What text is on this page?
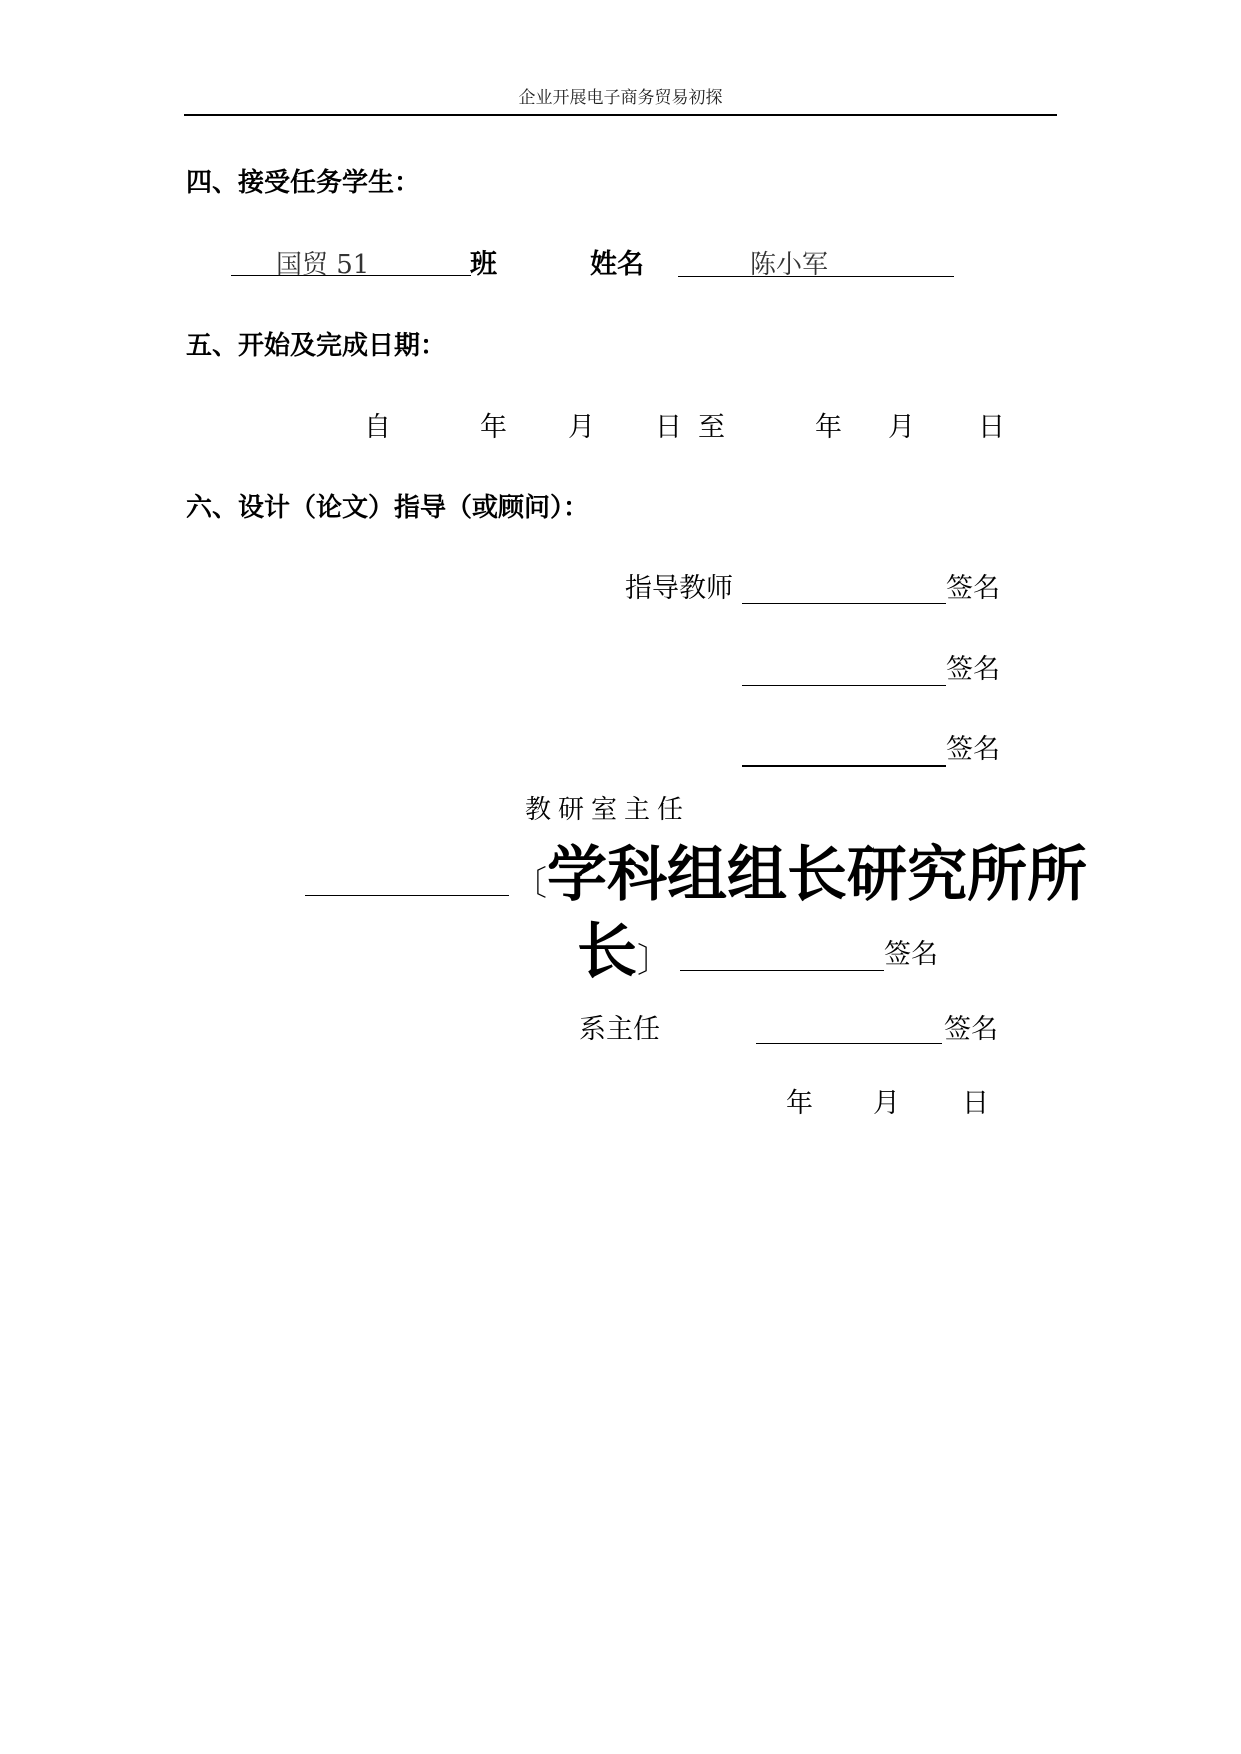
企业开展电子商务贸易初探
四、接受任务学生：
国贸 51	班	姓名	陈小军
五、开始及完成日期：
自	年 月 日 至	年 月 日
六、设计（论文）指导（或顾问）：
指导教师	签名
签名
签名
教研室主任
〔学科组组长研究所所
长〕	签名
系主任	签名
年 月 日
